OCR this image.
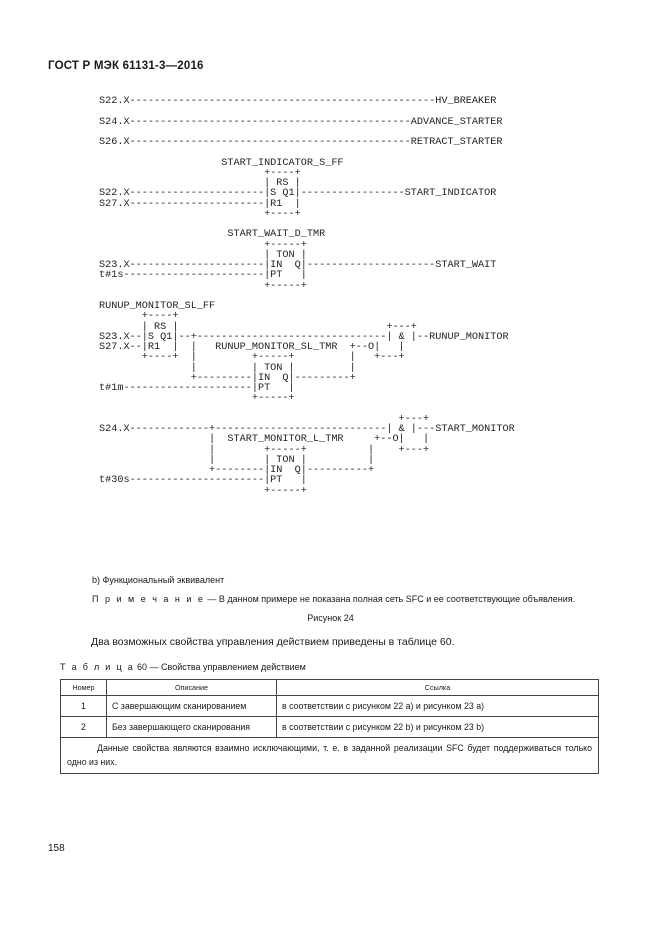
ГОСТ Р МЭК 61131-3—2016
S22.X--------------------------------------------------HV_BREAKER

S24.X----------------------------------------------ADVANCE_STARTER

S26.X----------------------------------------------RETRACT_STARTER

START_INDICATOR_S_FF
+----+
| RS |
S22.X----------------------|S Q1|-----------------START_INDICATOR
S27.X----------------------|R1  |
+----+

START_WAIT_D_TMR
+-----+
| TON |
S23.X----------------------|IN  Q|---------------------START_WAIT
t#1s-----------------------|PT   |
+-----+

RUNUP_MONITOR_SL_FF
+----+
| RS |                                  +---+
S23.X--|S Q1|--+-------------------------------| & |--RUNUP_MONITOR
S27.X--|R1  |  |   RUNUP_MONITOR_SL_TMR  +--O|   |
+----+  |         +-----+         |   +---+
|         | TON |         |
+---------|IN  Q|---------+
t#1m---------------------|PT   |
+-----+

+---+
S24.X-------------+----------------------------| & |---START_MONITOR
|  START_MONITOR_L_TMR     +--O|   |
|        +-----+          |    +---+
|        | TON |          |
+--------|IN  Q|----------+
t#30s----------------------|PT   |
+-----+
b) Функциональный эквивалент
П р и м е ч а н и е — В данном примере не показана полная сеть SFC и ее соответствующие объявления.
Рисунок 24
Два возможных свойства управления действием приведены в таблице 60.
Т а б л и ц а 60 — Свойства управлением действием
Номер	Описание	Ссылка
1	С завершающим сканированием	в соответствии с рисунком 22 а) и рисунком 23 а)
2	Без завершающего сканирования	в соответствии с рисунком 22 b) и рисунком 23 b)
Данные свойства являются взаимно исключающими, т. е. в заданной реализации SFC будет поддерживаться только одно из них.		
158
